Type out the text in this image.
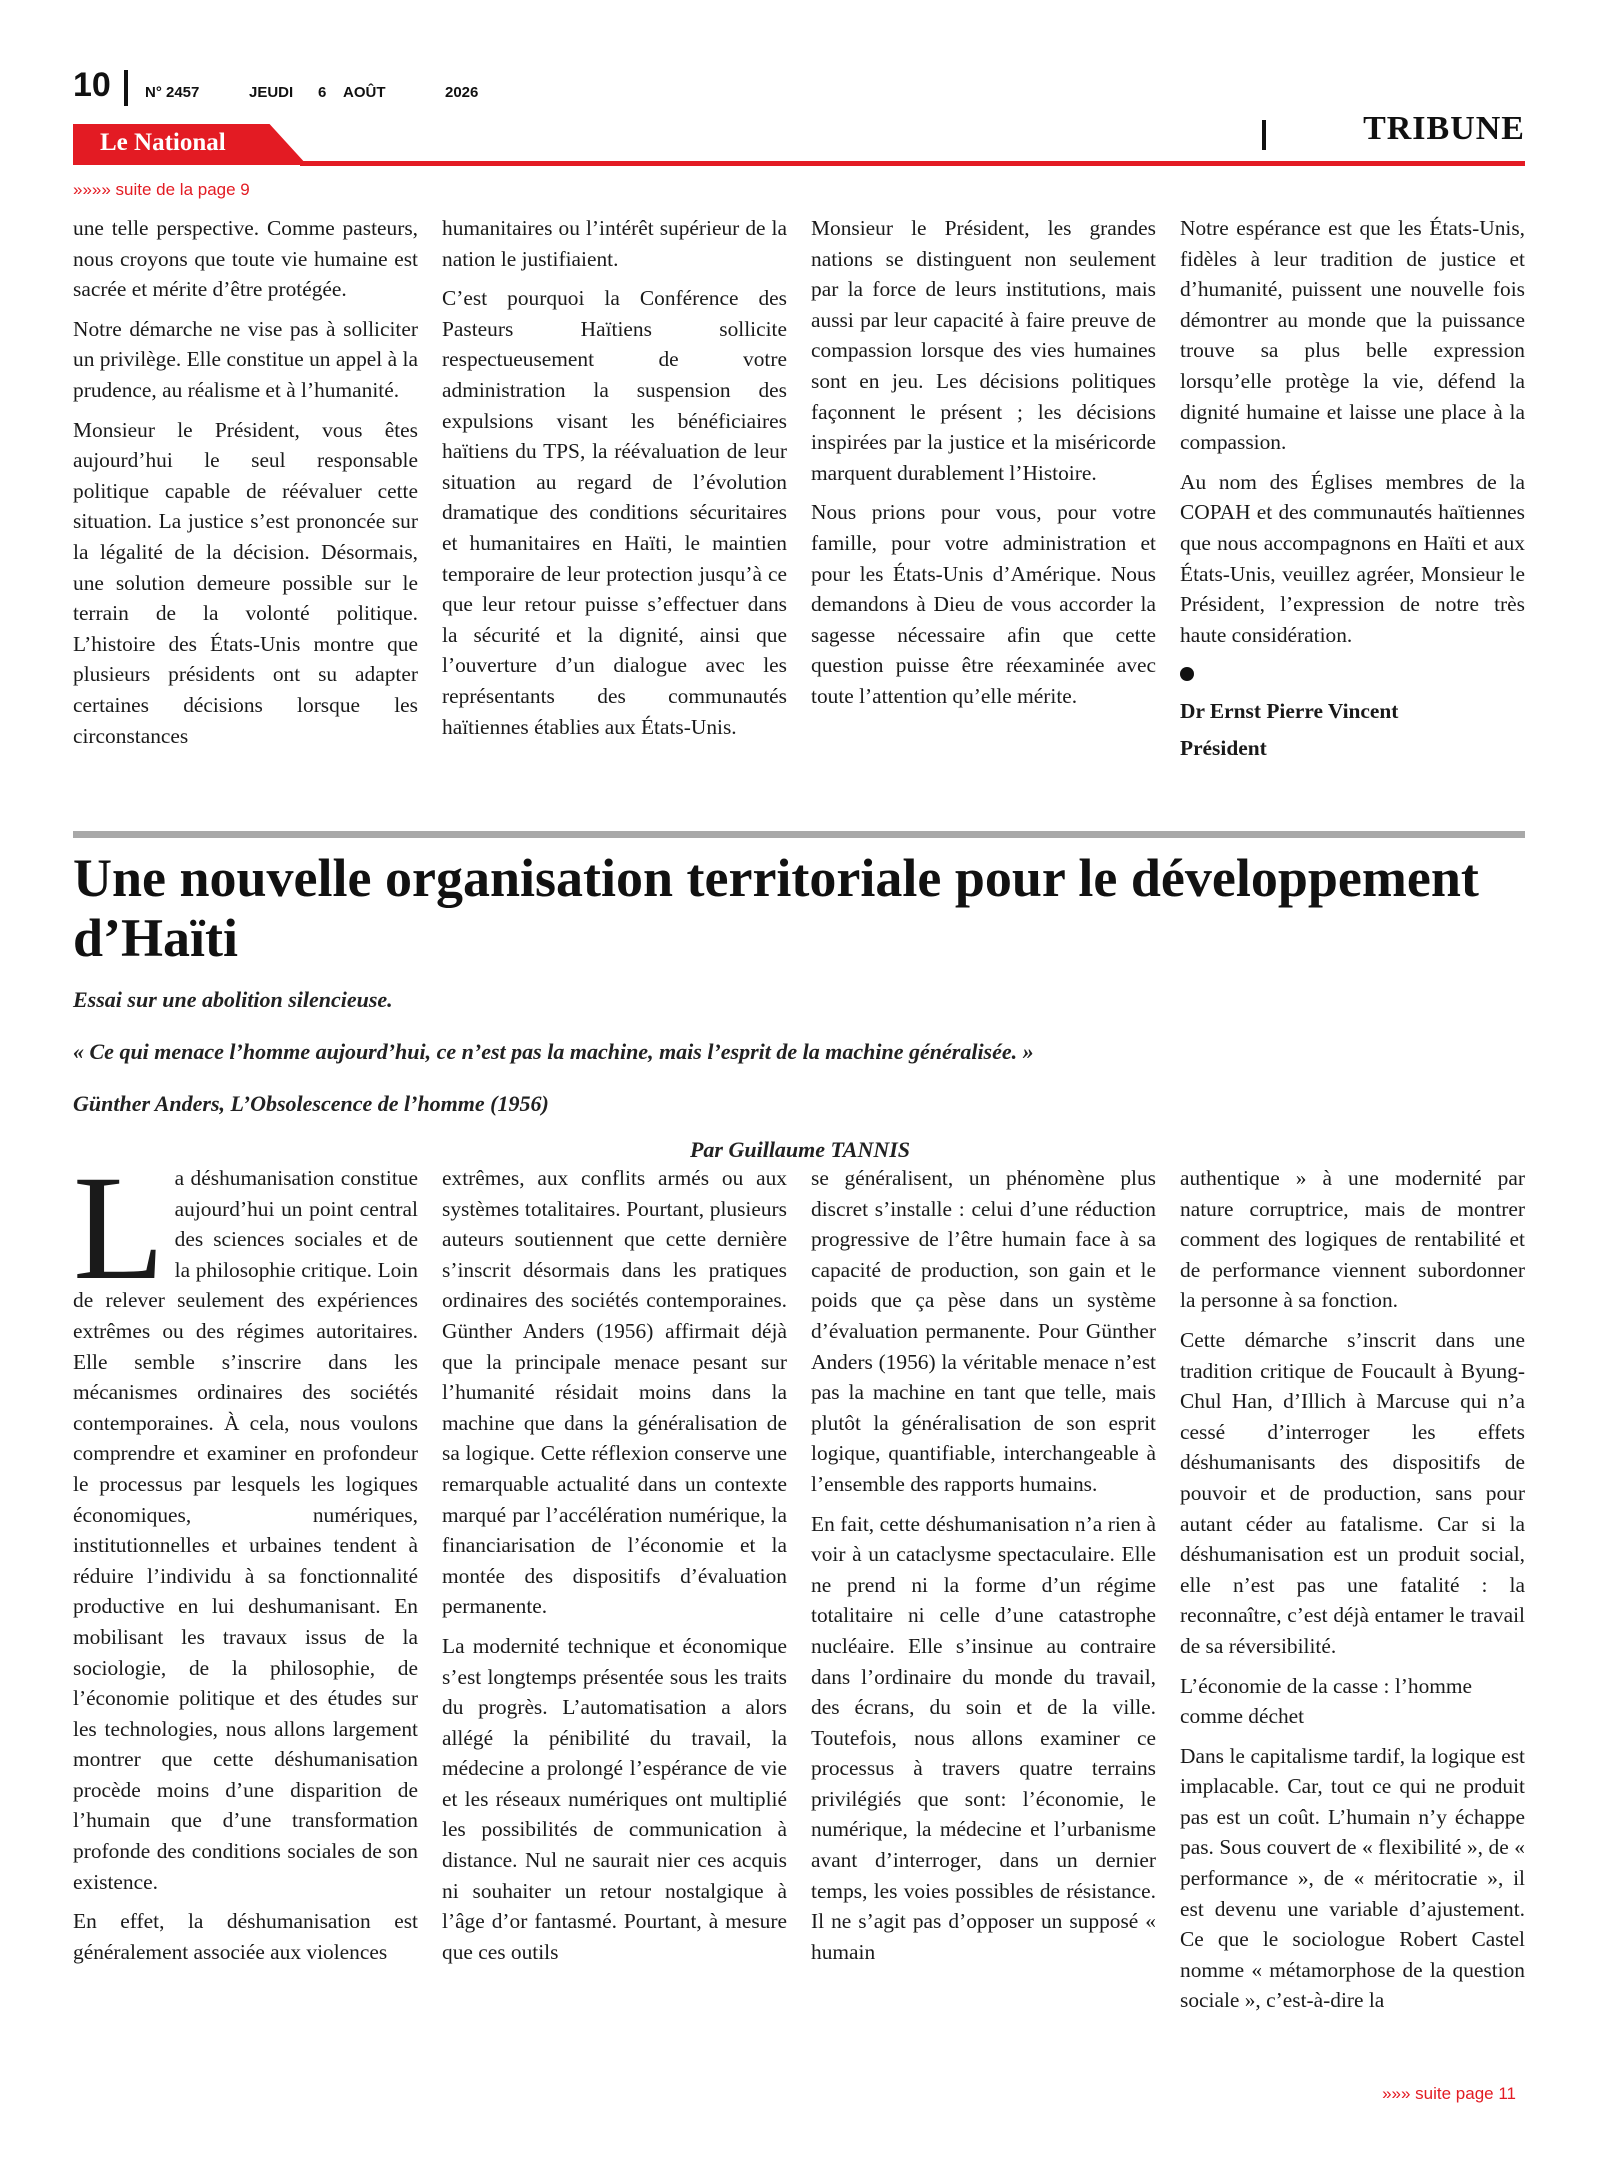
10 N° 2457	JEUDI 6 AOÛT	2026
Le National	TRIBUNE
»»»» suite de la page 9

une telle perspective. Comme pasteurs, nous croyons que toute vie humaine est sacrée et mérite d’être protégée.

Notre démarche ne vise pas à solliciter un privilège. Elle constitue un appel à la prudence, au réalisme et à l’humanité.

Monsieur le Président, vous êtes aujourd’hui le seul responsable politique capable de réévaluer cette situation. La justice s’est prononcée sur la légalité de la décision. Désormais, une solution demeure possible sur le terrain de la volonté politique. L’histoire des États-Unis montre que plusieurs présidents ont su adapter certaines décisions lorsque les circonstances

humanitaires ou l’intérêt supérieur de la nation le justifiaient.

C’est pourquoi la Conférence des Pasteurs Haïtiens sollicite respectueusement de votre administration la suspension des expulsions visant les bénéficiaires haïtiens du TPS, la réévaluation de leur situation au regard de l’évolution dramatique des conditions sécuritaires et humanitaires en Haïti, le maintien temporaire de leur protection jusqu’à ce que leur retour puisse s’effectuer dans la sécurité et la dignité, ainsi que l’ouverture d’un dialogue avec les représentants des communautés haïtiennes établies aux États-Unis.

Monsieur le Président, les grandes nations se distinguent non seulement par la force de leurs institutions, mais aussi par leur capacité à faire preuve de compassion lorsque des vies humaines sont en jeu. Les décisions politiques façonnent le présent ; les décisions inspirées par la justice et la miséricorde marquent durablement l’Histoire.

Nous prions pour vous, pour votre famille, pour votre administration et pour les États-Unis d’Amérique. Nous demandons à Dieu de vous accorder la sagesse nécessaire afin que cette question puisse être réexaminée avec toute l’attention qu’elle mérite.

Notre espérance est que les États-Unis, fidèles à leur tradition de justice et d’humanité, puissent une nouvelle fois démontrer au monde que la puissance trouve sa plus belle expression lorsqu’elle protège la vie, défend la dignité humaine et laisse une place à la compassion.

Au nom des Églises membres de la COPAH et des communautés haïtiennes que nous accompagnons en Haïti et aux États-Unis, veuillez agréer, Monsieur le Président, l’expression de notre très haute considération.

Dr Ernst Pierre Vincent

Président

Une nouvelle organisation territoriale pour le développement d’Haïti

Essai sur une abolition silencieuse.

« Ce qui menace l’homme aujourd’hui, ce n’est pas la machine, mais l’esprit de la machine généralisée. »

Günther Anders, L’Obsolescence de l’homme (1956)

Par Guillaume TANNIS

La déshumanisation constitue aujourd’hui un point central des sciences sociales et de la philosophie critique. Loin de relever seulement des expériences extrêmes ou des régimes autoritaires. Elle semble s’inscrire dans les mécanismes ordinaires des sociétés contemporaines. À cela, nous voulons comprendre et examiner en profondeur le processus par lesquels les logiques économiques, numériques, institutionnelles et urbaines tendent à réduire l’individu à sa fonctionnalité productive en lui deshumanisant. En mobilisant les travaux issus de la sociologie, de la philosophie, de l’économie politique et des études sur les technologies, nous allons largement montrer que cette déshumanisation procède moins d’une disparition de l’humain que d’une transformation profonde des conditions sociales de son existence.

En effet, la déshumanisation est généralement associée aux violences

extrêmes, aux conflits armés ou aux systèmes totalitaires. Pourtant, plusieurs auteurs soutiennent que cette dernière s’inscrit désormais dans les pratiques ordinaires des sociétés contemporaines. Günther Anders (1956) affirmait déjà que la principale menace pesant sur l’humanité résidait moins dans la machine que dans la généralisation de sa logique. Cette réflexion conserve une remarquable actualité dans un contexte marqué par l’accélération numérique, la financiarisation de l’économie et la montée des dispositifs d’évaluation permanente.

La modernité technique et économique s’est longtemps présentée sous les traits du progrès. L’automatisation a alors allégé la pénibilité du travail, la médecine a prolongé l’espérance de vie et les réseaux numériques ont multiplié les possibilités de communication à distance. Nul ne saurait nier ces acquis ni souhaiter un retour nostalgique à l’âge d’or fantasmé. Pourtant, à mesure que ces outils

se généralisent, un phénomène plus discret s’installe : celui d’une réduction progressive de l’être humain face à sa capacité de production, son gain et le poids que ça pèse dans un système d’évaluation permanente. Pour Günther Anders (1956) la véritable menace n’est pas la machine en tant que telle, mais plutôt la généralisation de son esprit logique, quantifiable, interchangeable à l’ensemble des rapports humains.

En fait, cette déshumanisation n’a rien à voir à un cataclysme spectaculaire. Elle ne prend ni la forme d’un régime totalitaire ni celle d’une catastrophe nucléaire. Elle s’insinue au contraire dans l’ordinaire du monde du travail, des écrans, du soin et de la ville. Toutefois, nous allons examiner ce processus à travers quatre terrains privilégiés que sont: l’économie, le numérique, la médecine et l’urbanisme avant d’interroger, dans un dernier temps, les voies possibles de résistance. Il ne s’agit pas d’opposer un supposé « humain

authentique » à une modernité par nature corruptrice, mais de montrer comment des logiques de rentabilité et de performance viennent subordonner la personne à sa fonction.

Cette démarche s’inscrit dans une tradition critique de Foucault à Byung-Chul Han, d’Illich à Marcuse qui n’a cessé d’interroger les effets déshumanisants des dispositifs de pouvoir et de production, sans pour autant céder au fatalisme. Car si la déshumanisation est un produit social, elle n’est pas une fatalité : la reconnaître, c’est déjà entamer le travail de sa réversibilité.

L’économie de la casse : l’homme comme déchet

Dans le capitalisme tardif, la logique est implacable. Car, tout ce qui ne produit pas est un coût. L’humain n’y échappe pas. Sous couvert de « flexibilité », de « performance », de « méritocratie », il est devenu une variable d’ajustement. Ce que le sociologue Robert Castel nomme « métamorphose de la question sociale », c’est-à-dire la

»»» suite page 11
